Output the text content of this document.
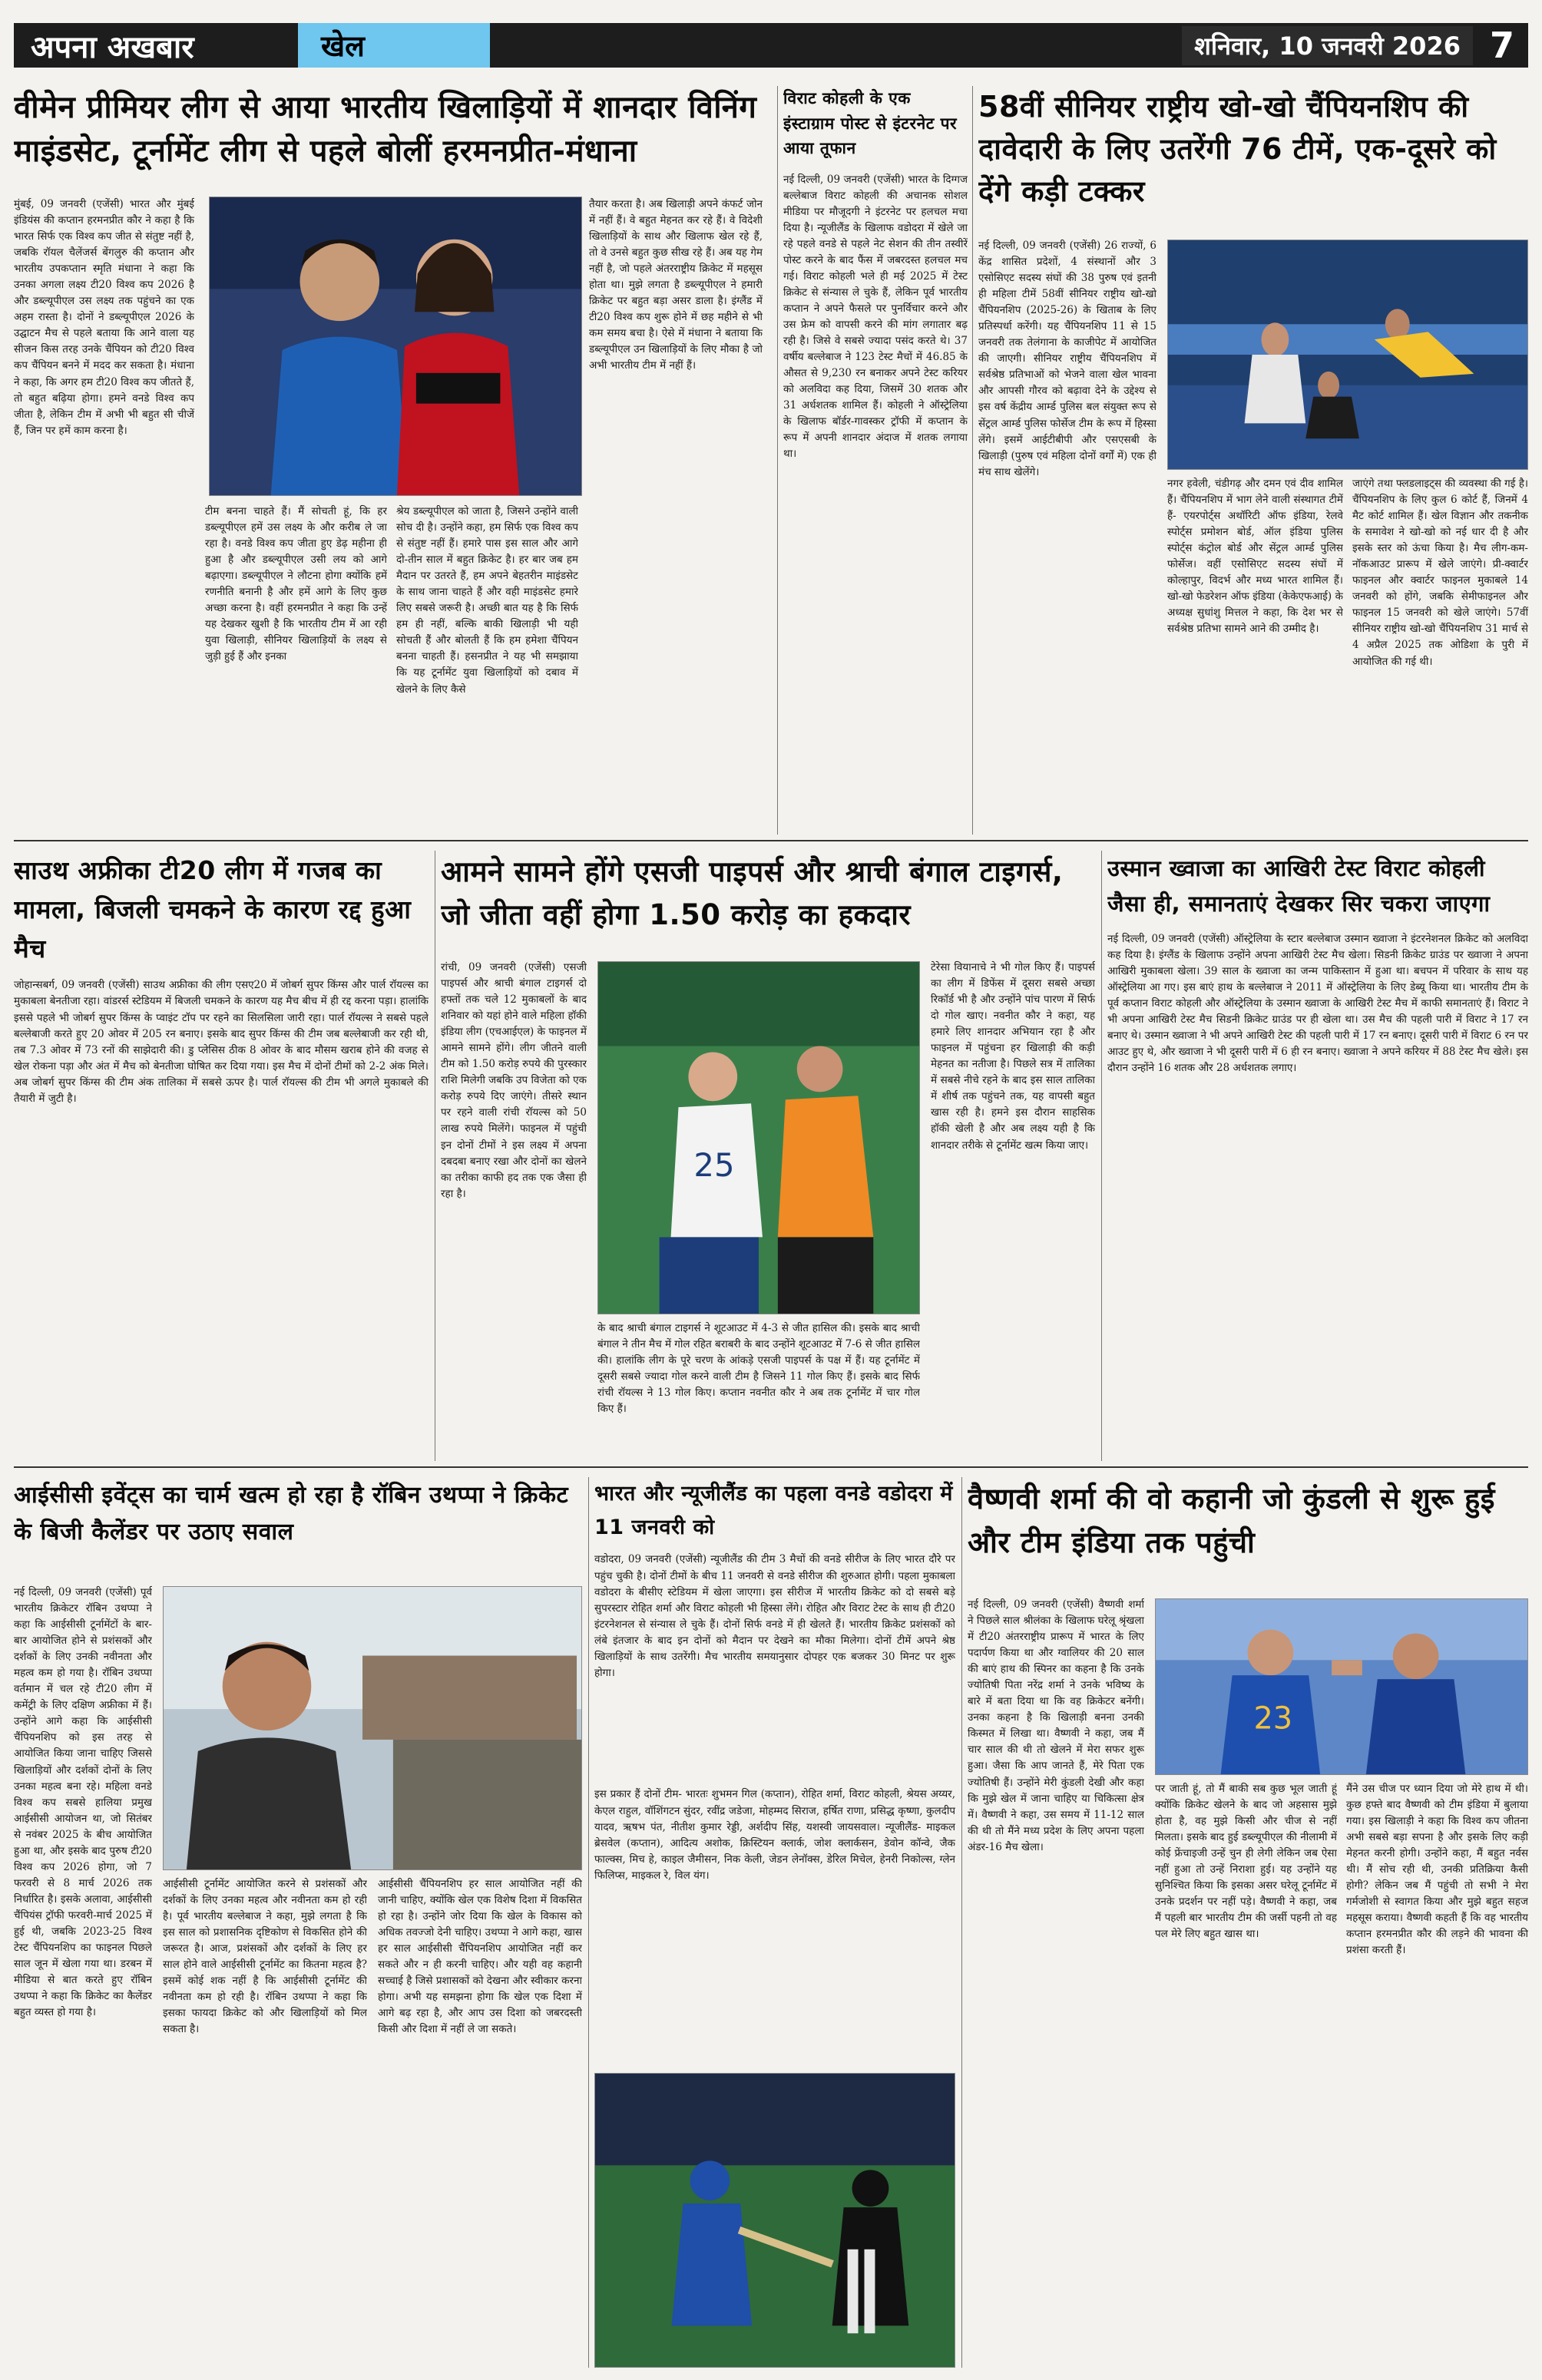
अपना अखबार	खेल	शनिवार, 10 जनवरी 2026 7
वीमेन प्रीमियर लीग से आया भारतीय खिलाड़ियों में शानदार विनिंग माइंडसेट, टूर्नामेंट लीग से पहले बोलीं हरमनप्रीत-मंधाना

मुंबई, 09 जनवरी (एजेंसी) भारत और मुंबई इंडियंस की कप्तान हरमनप्रीत कौर ने कहा है कि भारत सिर्फ एक विश्व कप जीत से संतुष्ट नहीं है, जबकि रॉयल चैलेंजर्स बेंगलुरु की कप्तान और भारतीय उपकप्तान स्मृति मंधाना ने कहा कि उनका अगला लक्ष्य टी20 विश्व कप 2026 है और डब्ल्यूपीएल उस लक्ष्य तक पहुंचने का एक अहम रास्ता है। दोनों ने डब्ल्यूपीएल 2026 के उद्घाटन मैच से पहले बताया कि आने वाला यह सीजन किस तरह उनके चैंपियन को टी20 विश्व कप चैंपियन बनने में मदद कर सकता है। मंधाना ने कहा, कि अगर हम टी20 विश्व कप जीतते हैं, तो बहुत बढ़िया होगा। हमने वनडे विश्व कप जीता है, लेकिन टीम में अभी भी बहुत सी चीजें हैं, जिन पर हमें काम करना है।

टीम बनना चाहते हैं। मैं सोचती हूं, कि हर डब्ल्यूपीएल हमें उस लक्ष्य के और करीब ले जा रहा है। वनडे विश्व कप जीता हुए डेढ़ महीना ही हुआ है और डब्ल्यूपीएल उसी लय को आगे बढ़ाएगा। डब्ल्यूपीएल ने लौटना होगा क्योंकि हमें रणनीति बनानी है और हमें आगे के लिए कुछ अच्छा करना है। वहीं हरमनप्रीत ने कहा कि उन्हें यह देखकर खुशी है कि भारतीय टीम में आ रही युवा खिलाड़ी, सीनियर खिलाड़ियों के लक्ष्य से जुड़ी हुई हैं और इनका

श्रेय डब्ल्यूपीएल को जाता है, जिसने उन्होंने वाली सोच दी है। उन्होंने कहा, हम सिर्फ एक विश्व कप से संतुष्ट नहीं हैं। हमारे पास इस साल और आगे दो-तीन साल में बहुत क्रिकेट है। हर बार जब हम मैदान पर उतरते हैं, हम अपने बेहतरीन माइंडसेट के साथ जाना चाहते हैं और वही माइंडसेट हमारे लिए सबसे जरूरी है। अच्छी बात यह है कि सिर्फ हम ही नहीं, बल्कि बाकी खिलाड़ी भी यही सोचती हैं और बोलती हैं कि हम हमेशा चैंपियन बनना चाहती हैं। हसनप्रीत ने यह भी समझाया कि यह टूर्नामेंट युवा खिलाड़ियों को दबाव में खेलने के लिए कैसे

तैयार करता है। अब खिलाड़ी अपने कंफर्ट जोन में नहीं हैं। वे बहुत मेहनत कर रहे हैं। वे विदेशी खिलाड़ियों के साथ और खिलाफ खेल रहे हैं, तो वे उनसे बहुत कुछ सीख रहे हैं। अब यह गेम नहीं है, जो पहले अंतरराष्ट्रीय क्रिकेट में महसूस होता था। मुझे लगता है डब्ल्यूपीएल ने हमारी क्रिकेट पर बहुत बड़ा असर डाला है। इंग्लैंड में टी20 विश्व कप शुरू होने में छह महीने से भी कम समय बचा है। ऐसे में मंधाना ने बताया कि डब्ल्यूपीएल उन खिलाड़ियों के लिए मौका है जो अभी भारतीय टीम में नहीं हैं।

विराट कोहली के एक इंस्टाग्राम पोस्ट से इंटरनेट पर आया तूफान

नई दिल्ली, 09 जनवरी (एजेंसी) भारत के दिग्गज बल्लेबाज विराट कोहली की अचानक सोशल मीडिया पर मौजूदगी ने इंटरनेट पर हलचल मचा दिया है। न्यूजीलैंड के खिलाफ वडोदरा में खेले जा रहे पहले वनडे से पहले नेट सेशन की तीन तस्वीरें पोस्ट करने के बाद फैंस में जबरदस्त हलचल मच गई। विराट कोहली भले ही मई 2025 में टेस्ट क्रिकेट से संन्यास ले चुके हैं, लेकिन पूर्व भारतीय कप्तान ने अपने फैसले पर पुनर्विचार करने और उस फ्रेम को वापसी करने की मांग लगातार बढ़ रही है। जिसे वे सबसे ज्यादा पसंद करते थे। 37 वर्षीय बल्लेबाज ने 123 टेस्ट मैचों में 46.85 के औसत से 9,230 रन बनाकर अपने टेस्ट करियर को अलविदा कह दिया, जिसमें 30 शतक और 31 अर्धशतक शामिल हैं। कोहली ने ऑस्ट्रेलिया के खिलाफ बॉर्डर-गावस्कर ट्रॉफी में कप्तान के रूप में अपनी शानदार अंदाज में शतक लगाया था।

58वीं सीनियर राष्ट्रीय खो-खो चैंपियनशिप की दावेदारी के लिए उतरेंगी 76 टीमें, एक-दूसरे को देंगे कड़ी टक्कर

नई दिल्ली, 09 जनवरी (एजेंसी) 26 राज्यों, 6 केंद्र शासित प्रदेशों, 4 संस्थानों और 3 एसोसिएट सदस्य संघों की 38 पुरुष एवं इतनी ही महिला टीमें 58वीं सीनियर राष्ट्रीय खो-खो चैंपियनशिप (2025-26) के खिताब के लिए प्रतिस्पर्धा करेंगी। यह चैंपियनशिप 11 से 15 जनवरी तक तेलंगाना के काजीपेट में आयोजित की जाएगी। सीनियर राष्ट्रीय चैंपियनशिप में सर्वश्रेष्ठ प्रतिभाओं को भेजने वाला खेल भावना और आपसी गौरव को बढ़ावा देने के उद्देश्य से इस वर्ष केंद्रीय आर्म्ड पुलिस बल संयुक्त रूप से सेंट्रल आर्म्ड पुलिस फोर्सेज टीम के रूप में हिस्सा लेंगे। इसमें आईटीबीपी और एसएसबी के खिलाड़ी (पुरुष एवं महिला दोनों वर्गों में) एक ही मंच साथ खेलेंगे।

नगर हवेली, चंडीगढ़ और दमन एवं दीव शामिल हैं। चैंपियनशिप में भाग लेने वाली संस्थागत टीमें हैं- एयरपोर्ट्स अथॉरिटी ऑफ इंडिया, रेलवे स्पोर्ट्स प्रमोशन बोर्ड, ऑल इंडिया पुलिस स्पोर्ट्स कंट्रोल बोर्ड और सेंट्रल आर्म्ड पुलिस फोर्सेज। वहीं एसोसिएट सदस्य संघों में कोल्हापुर, विदर्भ और मध्य भारत शामिल हैं। खो-खो फेडरेशन ऑफ इंडिया (केकेएफआई) के अध्यक्ष सुधांशु मित्तल ने कहा, कि देश भर से सर्वश्रेष्ठ प्रतिभा सामने आने की उम्मीद है।

जाएंगे तथा फ्लडलाइट्स की व्यवस्था की गई है। चैंपियनशिप के लिए कुल 6 कोर्ट हैं, जिनमें 4 मैट कोर्ट शामिल हैं। खेल विज्ञान और तकनीक के समावेश ने खो-खो को नई धार दी है और इसके स्तर को ऊंचा किया है। मैच लीग-कम-नॉकआउट प्रारूप में खेले जाएंगे। प्री-क्वार्टर फाइनल और क्वार्टर फाइनल मुकाबले 14 जनवरी को होंगे, जबकि सेमीफाइनल और फाइनल 15 जनवरी को खेले जाएंगे। 57वीं सीनियर राष्ट्रीय खो-खो चैंपियनशिप 31 मार्च से 4 अप्रैल 2025 तक ओडिशा के पुरी में आयोजित की गई थी।

साउथ अफ्रीका टी20 लीग में गजब का मामला, बिजली चमकने के कारण रद्द हुआ मैच

जोहान्सबर्ग, 09 जनवरी (एजेंसी) साउथ अफ्रीका की लीग एसए20 में जोबर्ग सुपर किंग्स और पार्ल रॉयल्स का मुकाबला बेनतीजा रहा। वांडरर्स स्टेडियम में बिजली चमकने के कारण यह मैच बीच में ही रद्द करना पड़ा। हालांकि इससे पहले भी जोबर्ग सुपर किंग्स के प्वाइंट टॉप पर रहने का सिलसिला जारी रहा। पार्ल रॉयल्स ने सबसे पहले बल्लेबाजी करते हुए 20 ओवर में 205 रन बनाए। इसके बाद सुपर किंग्स की टीम जब बल्लेबाजी कर रही थी, तब 7.3 ओवर में 73 रनों की साझेदारी की। डु प्लेसिस ठीक 8 ओवर के बाद मौसम खराब होने की वजह से खेल रोकना पड़ा और अंत में मैच को बेनतीजा घोषित कर दिया गया। इस मैच में दोनों टीमों को 2-2 अंक मिले। अब जोबर्ग सुपर किंग्स की टीम अंक तालिका में सबसे ऊपर है। पार्ल रॉयल्स की टीम भी अगले मुकाबले की तैयारी में जुटी है।

आमने सामने होंगे एसजी पाइपर्स और श्राची बंगाल टाइगर्स, जो जीता वहीं होगा 1.50 करोड़ का हकदार

रांची, 09 जनवरी (एजेंसी) एसजी पाइपर्स और श्राची बंगाल टाइगर्स दो हफ्तों तक चले 12 मुकाबलों के बाद शनिवार को यहां होने वाले महिला हॉकी इंडिया लीग (एचआईएल) के फाइनल में आमने सामने होंगे। लीग जीतने वाली टीम को 1.50 करोड़ रुपये की पुरस्कार राशि मिलेगी जबकि उप विजेता को एक करोड़ रुपये दिए जाएंगे। तीसरे स्थान पर रहने वाली रांची रॉयल्स को 50 लाख रुपये मिलेंगे। फाइनल में पहुंची इन दोनों टीमों ने इस लक्ष्य में अपना दबदबा बनाए रखा और दोनों का खेलने का तरीका काफी हद तक एक जैसा ही रहा है।

के बाद श्राची बंगाल टाइगर्स ने शूटआउट में 4-3 से जीत हासिल की। इसके बाद श्राची बंगाल ने तीन मैच में गोल रहित बराबरी के बाद उन्होंने शूटआउट में 7-6 से जीत हासिल की। हालांकि लीग के पूरे चरण के आंकड़े एसजी पाइपर्स के पक्ष में हैं। यह टूर्नामेंट में दूसरी सबसे ज्यादा गोल करने वाली टीम है जिसने 11 गोल किए हैं। इसके बाद सिर्फ रांची रॉयल्स ने 13 गोल किए। कप्तान नवनीत कौर ने अब तक टूर्नामेंट में चार गोल किए हैं।

टेरेसा वियानाचे ने भी गोल किए हैं। पाइपर्स का लीग में डिफेंस में दूसरा सबसे अच्छा रिकॉर्ड भी है और उन्होंने पांच पारण में सिर्फ दो गोल खाए। नवनीत कौर ने कहा, यह हमारे लिए शानदार अभियान रहा है और फाइनल में पहुंचना हर खिलाड़ी की कड़ी मेहनत का नतीजा है। पिछले सत्र में तालिका में सबसे नीचे रहने के बाद इस साल तालिका में शीर्ष तक पहुंचने तक, यह वापसी बहुत खास रही है। हमने इस दौरान साहसिक हॉकी खेली है और अब लक्ष्य यही है कि शानदार तरीके से टूर्नामेंट खत्म किया जाए।

25
उस्मान ख्वाजा का आखिरी टेस्ट विराट कोहली जैसा ही, समानताएं देखकर सिर चकरा जाएगा

नई दिल्ली, 09 जनवरी (एजेंसी) ऑस्ट्रेलिया के स्टार बल्लेबाज उस्मान ख्वाजा ने इंटरनेशनल क्रिकेट को अलविदा कह दिया है। इंग्लैंड के खिलाफ उन्होंने अपना आखिरी टेस्ट मैच खेला। सिडनी क्रिकेट ग्राउंड पर ख्वाजा ने अपना आखिरी मुकाबला खेला। 39 साल के ख्वाजा का जन्म पाकिस्तान में हुआ था। बचपन में परिवार के साथ यह ऑस्ट्रेलिया आ गए। इस बाएं हाथ के बल्लेबाज ने 2011 में ऑस्ट्रेलिया के लिए डेब्यू किया था। भारतीय टीम के पूर्व कप्तान विराट कोहली और ऑस्ट्रेलिया के उस्मान ख्वाजा के आखिरी टेस्ट मैच में काफी समानताएं हैं। विराट ने भी अपना आखिरी टेस्ट मैच सिडनी क्रिकेट ग्राउंड पर ही खेला था। उस मैच की पहली पारी में विराट ने 17 रन बनाए थे। उस्मान ख्वाजा ने भी अपने आखिरी टेस्ट की पहली पारी में 17 रन बनाए। दूसरी पारी में विराट 6 रन पर आउट हुए थे, और ख्वाजा ने भी दूसरी पारी में 6 ही रन बनाए। ख्वाजा ने अपने करियर में 88 टेस्ट मैच खेले। इस दौरान उन्होंने 16 शतक और 28 अर्धशतक लगाए।

आईसीसी इवेंट्स का चार्म खत्म हो रहा है रॉबिन उथप्पा ने क्रिकेट के बिजी कैलेंडर पर उठाए सवाल

नई दिल्ली, 09 जनवरी (एजेंसी) पूर्व भारतीय क्रिकेटर रॉबिन उथप्पा ने कहा कि आईसीसी टूर्नामेंटों के बार-बार आयोजित होने से प्रशंसकों और दर्शकों के लिए उनकी नवीनता और महत्व कम हो गया है। रॉबिन उथप्पा वर्तमान में चल रहे टी20 लीग में कमेंट्री के लिए दक्षिण अफ्रीका में हैं। उन्होंने आगे कहा कि आईसीसी चैंपियनशिप को इस तरह से आयोजित किया जाना चाहिए जिससे खिलाड़ियों और दर्शकों दोनों के लिए उनका महत्व बना रहे। महिला वनडे विश्व कप सबसे हालिया प्रमुख आईसीसी आयोजन था, जो सितंबर से नवंबर 2025 के बीच आयोजित हुआ था, और इसके बाद पुरुष टी20 विश्व कप 2026 होगा, जो 7 फरवरी से 8 मार्च 2026 तक निर्धारित है। इसके अलावा, आईसीसी चैंपियंस ट्रॉफी फरवरी-मार्च 2025 में हुई थी, जबकि 2023-25 विश्व टेस्ट चैंपियनशिप का फाइनल पिछले साल जून में खेला गया था। डरबन में मीडिया से बात करते हुए रॉबिन उथप्पा ने कहा कि क्रिकेट का कैलेंडर बहुत व्यस्त हो गया है।

आईसीसी टूर्नामेंट आयोजित करने से प्रशंसकों और दर्शकों के लिए उनका महत्व और नवीनता कम हो रही है। पूर्व भारतीय बल्लेबाज ने कहा, मुझे लगता है कि इस साल को प्रशासनिक दृष्टिकोण से विकसित होने की जरूरत है। आज, प्रशंसकों और दर्शकों के लिए हर साल होने वाले आईसीसी टूर्नामेंट का कितना महत्व है? इसमें कोई शक नहीं है कि आईसीसी टूर्नामेंट की नवीनता कम हो रही है। रॉबिन उथप्पा ने कहा कि इसका फायदा क्रिकेट को और खिलाड़ियों को मिल सकता है।

आईसीसी चैंपियनशिप हर साल आयोजित नहीं की जानी चाहिए, क्योंकि खेल एक विशेष दिशा में विकसित हो रहा है। उन्होंने जोर दिया कि खेल के विकास को अधिक तवज्जो देनी चाहिए। उथप्पा ने आगे कहा, खास हर साल आईसीसी चैंपियनशिप आयोजित नहीं कर सकते और न ही करनी चाहिए। और यही वह कहानी सच्चाई है जिसे प्रशासकों को देखना और स्वीकार करना होगा। अभी यह समझना होगा कि खेल एक दिशा में आगे बढ़ रहा है, और आप उस दिशा को जबरदस्ती किसी और दिशा में नहीं ले जा सकते।

भारत और न्यूजीलैंड का पहला वनडे वडोदरा में 11 जनवरी को

वडोदरा, 09 जनवरी (एजेंसी) न्यूजीलैंड की टीम 3 मैचों की वनडे सीरीज के लिए भारत दौरे पर पहुंच चुकी है। दोनों टीमों के बीच 11 जनवरी से वनडे सीरीज की शुरुआत होगी। पहला मुकाबला वडोदरा के बीसीए स्टेडियम में खेला जाएगा। इस सीरीज में भारतीय क्रिकेट को दो सबसे बड़े सुपरस्टार रोहित शर्मा और विराट कोहली भी हिस्सा लेंगे। रोहित और विराट टेस्ट के साथ ही टी20 इंटरनेशनल से संन्यास ले चुके हैं। दोनों सिर्फ वनडे में ही खेलते हैं। भारतीय क्रिकेट प्रशंसकों को लंबे इंतजार के बाद इन दोनों को मैदान पर देखने का मौका मिलेगा। दोनों टीमें अपने श्रेष्ठ खिलाड़ियों के साथ उतरेंगी। मैच भारतीय समयानुसार दोपहर एक बजकर 30 मिनट पर शुरू होगा।

इस प्रकार हैं दोनों टीम- भारतः शुभमन गिल (कप्तान), रोहित शर्मा, विराट कोहली, श्रेयस अय्यर, केएल राहुल, वॉशिंगटन सुंदर, रवींद्र जडेजा, मोहम्मद सिराज, हर्षित राणा, प्रसिद्ध कृष्णा, कुलदीप यादव, ऋषभ पंत, नीतीश कुमार रेड्डी, अर्शदीप सिंह, यशस्वी जायसवाल। न्यूजीलैंड- माइकल ब्रेसवेल (कप्तान), आदित्य अशोक, क्रिस्टियन क्लार्क, जोश क्लार्कसन, डेवोन कॉन्वे, जैक फाल्क्स, मिच हे, काइल जैमीसन, निक केली, जेडन लेनॉक्स, डेरिल मिचेल, हेनरी निकोल्स, ग्लेन फिलिप्स, माइकल रे, विल यंग।

वैष्णवी शर्मा की वो कहानी जो कुंडली से शुरू हुई और टीम इंडिया तक पहुंची

नई दिल्ली, 09 जनवरी (एजेंसी) वैष्णवी शर्मा ने पिछले साल श्रीलंका के खिलाफ घरेलू श्रृंखला में टी20 अंतरराष्ट्रीय प्रारूप में भारत के लिए पदार्पण किया था और ग्वालियर की 20 साल की बाएं हाथ की स्पिनर का कहना है कि उनके ज्योतिषी पिता नरेंद्र शर्मा ने उनके भविष्य के बारे में बता दिया था कि वह क्रिकेटर बनेंगी। उनका कहना है कि खिलाड़ी बनना उनकी किस्मत में लिखा था। वैष्णवी ने कहा, जब मैं चार साल की थी तो खेलने में मेरा सफर शुरू हुआ। जैसा कि आप जानते हैं, मेरे पिता एक ज्योतिषी हैं। उन्होंने मेरी कुंडली देखी और कहा कि मुझे खेल में जाना चाहिए या चिकित्सा क्षेत्र में। वैष्णवी ने कहा, उस समय में 11-12 साल की थी तो मैंने मध्य प्रदेश के लिए अपना पहला अंडर-16 मैच खेला।

पर जाती हूं, तो मैं बाकी सब कुछ भूल जाती हूं क्योंकि क्रिकेट खेलने के बाद जो अहसास मुझे होता है, वह मुझे किसी और चीज से नहीं मिलता। इसके बाद हुई डब्ल्यूपीएल की नीलामी में कोई फ्रेंचाइजी उन्हें चुन ही लेगी लेकिन जब ऐसा नहीं हुआ तो उन्हें निराशा हुई। यह उन्होंने यह सुनिश्चित किया कि इसका असर घरेलू टूर्नामेंट में उनके प्रदर्शन पर नहीं पड़े। वैष्णवी ने कहा, जब मैं पहली बार भारतीय टीम की जर्सी पहनी तो वह पल मेरे लिए बहुत खास था।

मैंने उस चीज पर ध्यान दिया जो मेरे हाथ में थी। कुछ हफ्ते बाद वैष्णवी को टीम इंडिया में बुलाया गया। इस खिलाड़ी ने कहा कि विश्व कप जीतना अभी सबसे बड़ा सपना है और इसके लिए कड़ी मेहनत करनी होगी। उन्होंने कहा, मैं बहुत नर्वस थी। मैं सोच रही थी, उनकी प्रतिक्रिया कैसी होगी? लेकिन जब मैं पहुंची तो सभी ने मेरा गर्मजोशी से स्वागत किया और मुझे बहुत सहज महसूस कराया। वैष्णवी कहती हैं कि वह भारतीय कप्तान हरमनप्रीत कौर की लड़ने की भावना की प्रशंसा करती हैं।

23
